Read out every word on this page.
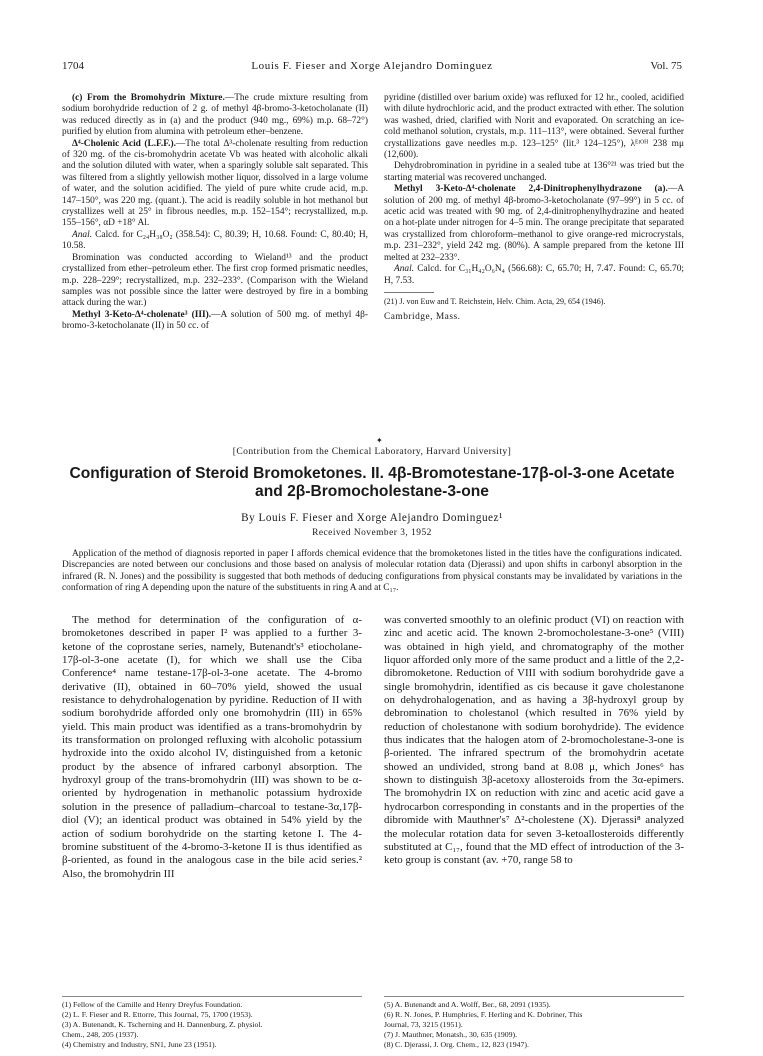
1704	Louis F. Fieser and Xorge Alejandro Dominguez	Vol. 75

(c) From the Bromohydrin Mixture.—The crude mixture resulting from sodium borohydride reduction of 2 g. of methyl 4β-bromo-3-ketocholanate (II) was reduced directly as in (a) and the product (940 mg., 69%) m.p. 68–72°) purified by elution from alumina with petroleum ether–benzene.

Δ⁴-Cholenic Acid (L.F.F.).—The total Δ³-cholenate resulting from reduction of 320 mg. of the cis-bromohydrin acetate Vb was heated with alcoholic alkali and the solution diluted with water, when a sparingly soluble salt separated. This was filtered from a slightly yellowish mother liquor, dissolved in a large volume of water, and the solution acidified. The yield of pure white crude acid, m.p. 147–150°, was 220 mg. (quant.). The acid is readily soluble in hot methanol but crystallizes well at 25° in fibrous needles, m.p. 152–154°; recrystallized, m.p. 155–156°, αD +18° Al.

Anal. Calcd. for C₂₄H₃₈O₂ (358.54): C, 80.39; H, 10.68. Found: C, 80.40; H, 10.58.

Bromination was conducted according to Wieland¹³ and the product crystallized from ether–petroleum ether. The first crop formed prismatic needles, m.p. 228–229°; recrystallized, m.p. 232–233°. (Comparison with the Wieland samples was not possible since the latter were destroyed by fire in a bombing attack during the war.)

Methyl 3-Keto-Δ⁴-cholenate³ (III).—A solution of 500 mg. of methyl 4β-bromo-3-ketocholanate (II) in 50 cc. of

pyridine (distilled over barium oxide) was refluxed for 12 hr., cooled, acidified with dilute hydrochloric acid, and the product extracted with ether. The solution was washed, dried, clarified with Norit and evaporated. On scratching an ice-cold methanol solution, crystals, m.p. 111–113°, were obtained. Several further crystallizations gave needles m.p. 123–125° (lit.³ 124–125°), λᴱᵗᴼᴴ 238 mμ (12,600).

Dehydrobromination in pyridine in a sealed tube at 136°²¹ was tried but the starting material was recovered unchanged.

Methyl 3-Keto-Δ⁴-cholenate 2,4-Dinitrophenylhydrazone (a).—A solution of 200 mg. of methyl 4β-bromo-3-ketocholanate (97–99°) in 5 cc. of acetic acid was treated with 90 mg. of 2,4-dinitrophenylhydrazine and heated on a hot-plate under nitrogen for 4–5 min. The orange precipitate that separated was crystallized from chloroform–methanol to give orange-red microcrystals, m.p. 231–232°, yield 242 mg. (80%). A sample prepared from the ketone III melted at 232–233°.

Anal. Calcd. for C₃₁H₄₂O₆N₄ (566.68): C, 65.70; H, 7.47. Found: C, 65.70; H, 7.53.

(21) J. von Euw and T. Reichstein, Helv. Chim. Acta, 29, 654 (1946).

Cambridge, Mass.

✦
[Contribution from the Chemical Laboratory, Harvard University]
Configuration of Steroid Bromoketones. II. 4β-Bromotestane-17β-ol-3-one Acetate
and 2β-Bromocholestane-3-one
By Louis F. Fieser and Xorge Alejandro Dominguez¹
Received November 3, 1952
Application of the method of diagnosis reported in paper I affords chemical evidence that the bromoketones listed in the titles have the configurations indicated. Discrepancies are noted between our conclusions and those based on analysis of molecular rotation data (Djerassi) and upon shifts in carbonyl absorption in the infrared (R. N. Jones) and the possibility is suggested that both methods of deducing configurations from physical constants may be invalidated by variations in the conformation of ring A depending upon the nature of the substituents in ring A and at C₁₇.

The method for determination of the configuration of α-bromoketones described in paper I² was applied to a further 3-ketone of the coprostane series, namely, Butenandt's³ etiocholane-17β-ol-3-one acetate (I), for which we shall use the Ciba Conference⁴ name testane-17β-ol-3-one acetate. The 4-bromo derivative (II), obtained in 60–70% yield, showed the usual resistance to dehydrohalogenation by pyridine. Reduction of II with sodium borohydride afforded only one bromohydrin (III) in 65% yield. This main product was identified as a trans-bromohydrin by its transformation on prolonged refluxing with alcoholic potassium hydroxide into the oxido alcohol IV, distinguished from a ketonic product by the absence of infrared carbonyl absorption. The hydroxyl group of the trans-bromohydrin (III) was shown to be α-oriented by hydrogenation in methanolic potassium hydroxide solution in the presence of palladium–charcoal to testane-3α,17β-diol (V); an identical product was obtained in 54% yield by the action of sodium borohydride on the starting ketone I. The 4-bromine substituent of the 4-bromo-3-ketone II is thus identified as β-oriented, as found in the analogous case in the bile acid series.² Also, the bromohydrin III

was converted smoothly to an olefinic product (VI) on reaction with zinc and acetic acid. The known 2-bromocholestane-3-one⁵ (VIII) was obtained in high yield, and chromatography of the mother liquor afforded only more of the same product and a little of the 2,2-dibromoketone. Reduction of VIII with sodium borohydride gave a single bromohydrin, identified as cis because it gave cholestanone on dehydrohalogenation, and as having a 3β-hydroxyl group by debromination to cholestanol (which resulted in 76% yield by reduction of cholestanone with sodium borohydride). The evidence thus indicates that the halogen atom of 2-bromocholestane-3-one is β-oriented. The infrared spectrum of the bromohydrin acetate showed an undivided, strong band at 8.08 μ, which Jones⁶ has shown to distinguish 3β-acetoxy allosteroids from the 3α-epimers. The bromohydrin IX on reduction with zinc and acetic acid gave a hydrocarbon corresponding in constants and in the properties of the dibromide with Mauthner's⁷ Δ²-cholestene (X). Djerassi⁸ analyzed the molecular rotation data for seven 3-ketoallosteroids differently substituted at C₁₇, found that the MD effect of introduction of the 3-keto group is constant (av. +70, range 58 to

(1) Fellow of the Camille and Henry Dreyfus Foundation.
(2) L. F. Fieser and R. Ettorre, This Journal, 75, 1700 (1953).
(3) A. Butenandt, K. Tscherning and H. Dannenburg, Z. physiol.
Chem., 248, 205 (1937).
(4) Chemistry and Industry, SN1, June 23 (1951).
(5) A. Butenandt and A. Wolff, Ber., 68, 2091 (1935).
(6) R. N. Jones, P. Humphries, F. Herling and K. Dobriner, This
Journal, 73, 3215 (1951).
(7) J. Mauthner, Monatsh., 30, 635 (1909).
(8) C. Djerassi, J. Org. Chem., 12, 823 (1947).
